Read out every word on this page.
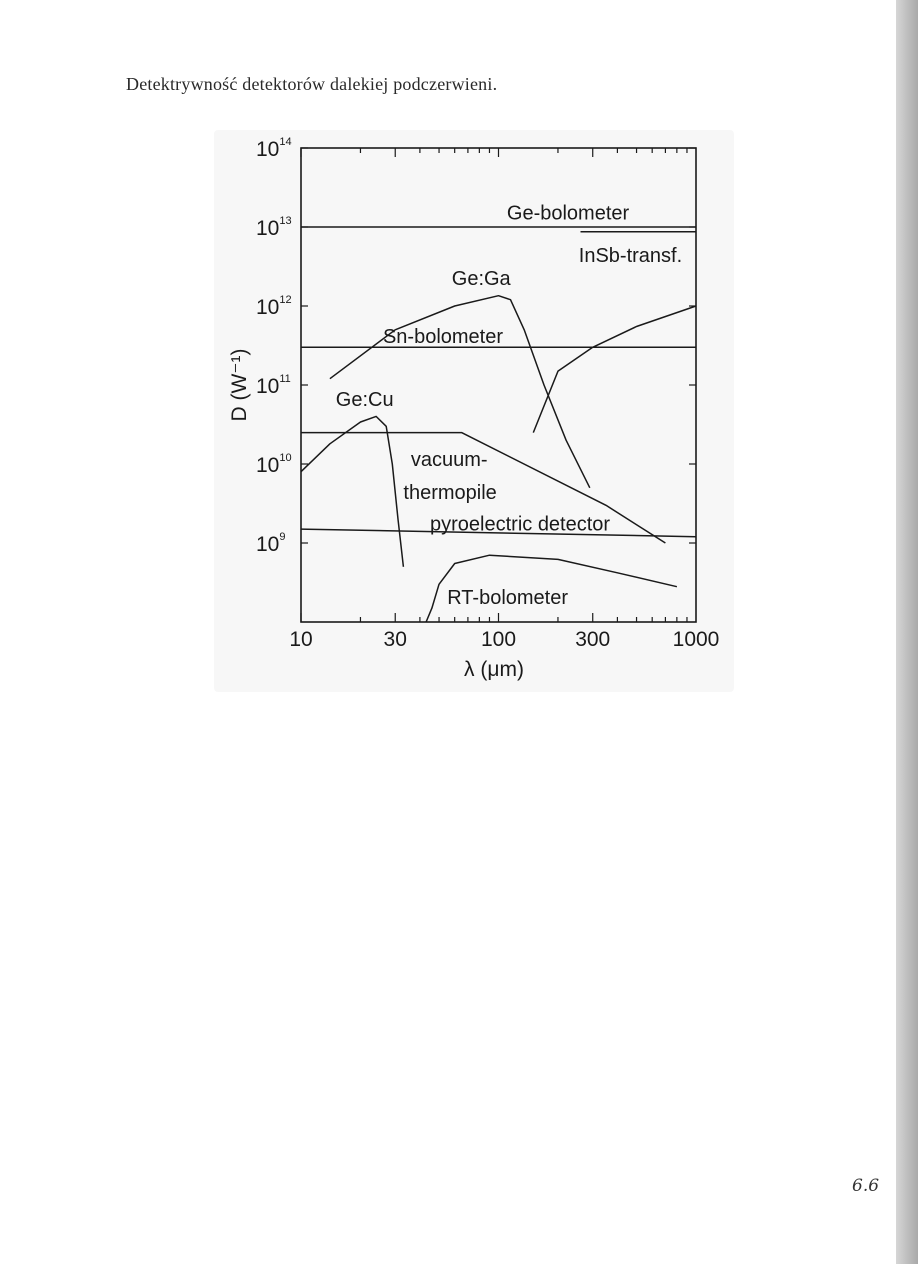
Detektrywność detektorów dalekiej podczerwieni.

10	30	100	300	1000
$10^9$
$10^{10}$
$10^{11}$
$10^{12}$
$10^{13}$
$10^{14}$
Ge-bolometer
InSb-transf.
Ge:Ga
Sn-bolometer
Ge:Cu
vacuum-
thermopile
pyroelectric detector
RT-bolometer
λ (μm)
D (W⁻¹)
6.6
